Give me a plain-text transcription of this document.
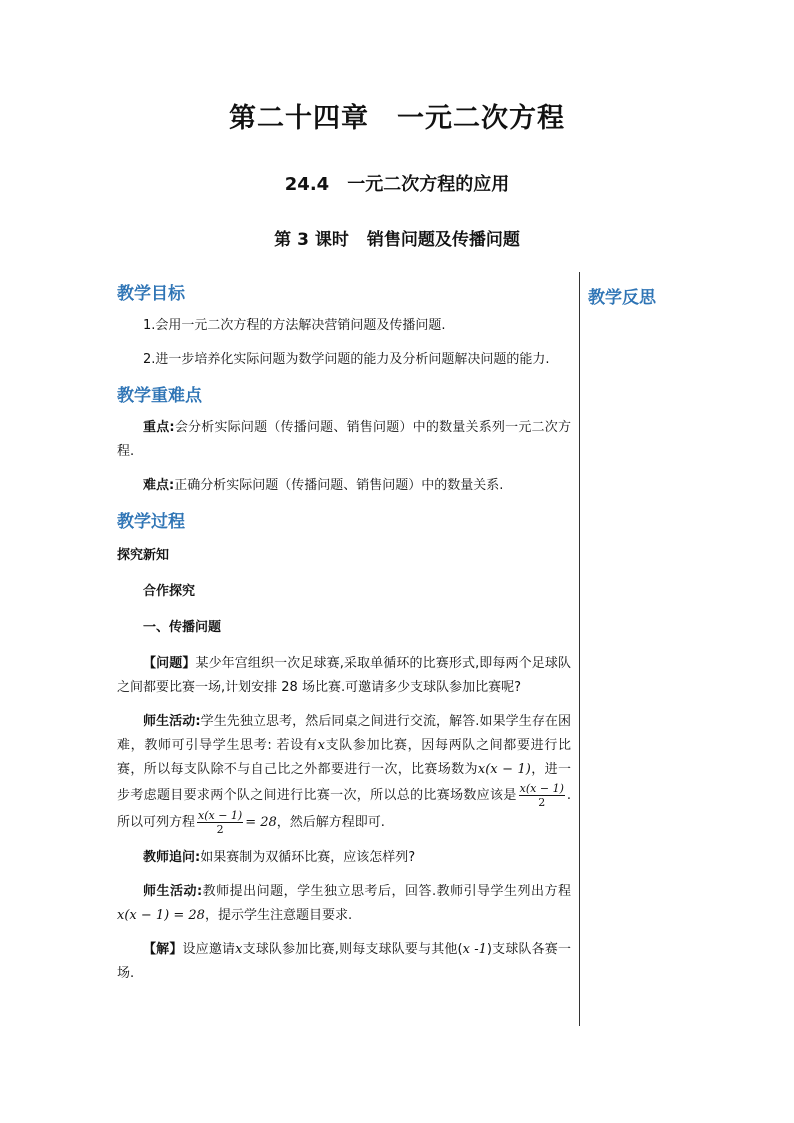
第二十四章 一元二次方程
24.4 一元二次方程的应用
第 3 课时 销售问题及传播问题
教学反思

教学目标

1.会用一元二次方程的方法解决营销问题及传播问题.

2.进一步培养化实际问题为数学问题的能力及分析问题解决问题的能力.

教学重难点

重点:会分析实际问题（传播问题、销售问题）中的数量关系列一元二次方程.

难点:正确分析实际问题（传播问题、销售问题）中的数量关系.

教学过程

探究新知

合作探究

一、传播问题

【问题】某少年宫组织一次足球赛,采取单循环的比赛形式,即每两个足球队之间都要比赛一场,计划安排 28 场比赛.可邀请多少支球队参加比赛呢?

师生活动:学生先独立思考，然后同桌之间进行交流，解答.如果学生存在困难，教师可引导学生思考: 若设有x支队参加比赛，因每两队之间都要进行比赛，所以每支队除不与自己比之外都要进行一次，比赛场数为x(x − 1)，进一步考虑题目要求两个队之间进行比赛一次，所以总的比赛场数应该是 $\frac{x(x - 1)}{2}$ .所以可列方程 $\frac{x(x - 1)}{2} = 28$，然后解方程即可.

教师追问:如果赛制为双循环比赛，应该怎样列?

师生活动:教师提出问题，学生独立思考后，回答.教师引导学生列出方程x(x − 1) = 28，提示学生注意题目要求.

【解】设应邀请x支球队参加比赛,则每支球队要与其他(x -1)支球队各赛一场.
